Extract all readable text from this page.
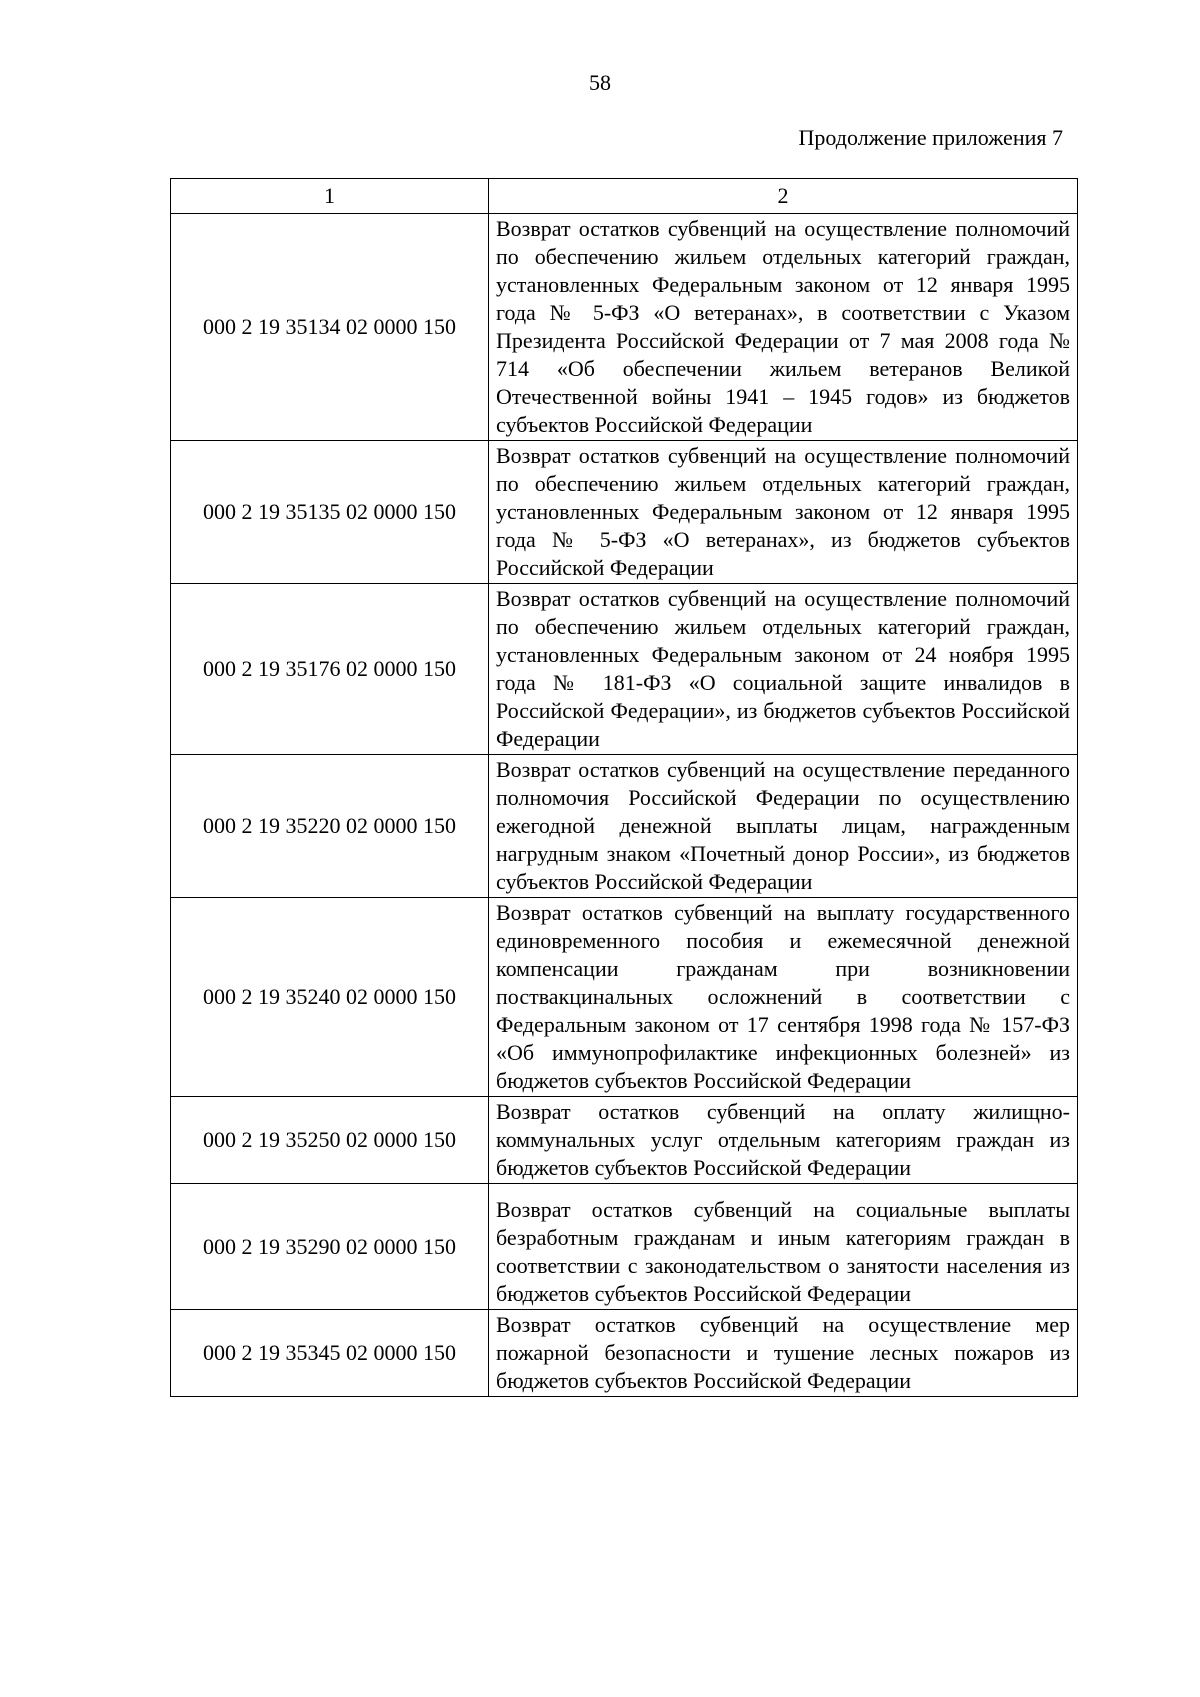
58
Продолжение приложения 7
1	2
000 2 19 35134 02 0000 150	Возврат остатков субвенций на осуществление полномочий по обеспечению жильем отдельных категорий граждан, установленных Федеральным законом от 12 января 1995 года № 5-ФЗ «О ветеранах», в соответствии с Указом Президента Российской Федерации от 7 мая 2008 года № 714 «Об обеспечении жильем ветеранов Великой Отечественной войны 1941 – 1945 годов» из бюджетов субъектов Российской Федерации
000 2 19 35135 02 0000 150	Возврат остатков субвенций на осуществление полномочий по обеспечению жильем отдельных категорий граждан, установленных Федеральным законом от 12 января 1995 года № 5-ФЗ «О ветеранах», из бюджетов субъектов Российской Федерации
000 2 19 35176 02 0000 150	Возврат остатков субвенций на осуществление полномочий по обеспечению жильем отдельных категорий граждан, установленных Федеральным законом от 24 ноября 1995 года № 181-ФЗ «О социальной защите инвалидов в Российской Федерации», из бюджетов субъектов Российской Федерации
000 2 19 35220 02 0000 150	Возврат остатков субвенций на осуществление переданного полномочия Российской Федерации по осуществлению ежегодной денежной выплаты лицам, награжденным нагрудным знаком «Почетный донор России», из бюджетов субъектов Российской Федерации
000 2 19 35240 02 0000 150	Возврат остатков субвенций на выплату государственного единовременного пособия и ежемесячной денежной компенсации гражданам при возникновении поствакцинальных осложнений в соответствии с Федеральным законом от 17 сентября 1998 года № 157-ФЗ «Об иммунопрофилактике инфекционных болезней» из бюджетов субъектов Российской Федерации
000 2 19 35250 02 0000 150	Возврат остатков субвенций на оплату жилищно-коммунальных услуг отдельным категориям граждан из бюджетов субъектов Российской Федерации
000 2 19 35290 02 0000 150	Возврат остатков субвенций на социальные выплаты безработным гражданам и иным категориям граждан в соответствии с законодательством о занятости населения из бюджетов субъектов Российской Федерации
000 2 19 35345 02 0000 150	Возврат остатков субвенций на осуществление мер пожарной безопасности и тушение лесных пожаров из бюджетов субъектов Российской Федерации
